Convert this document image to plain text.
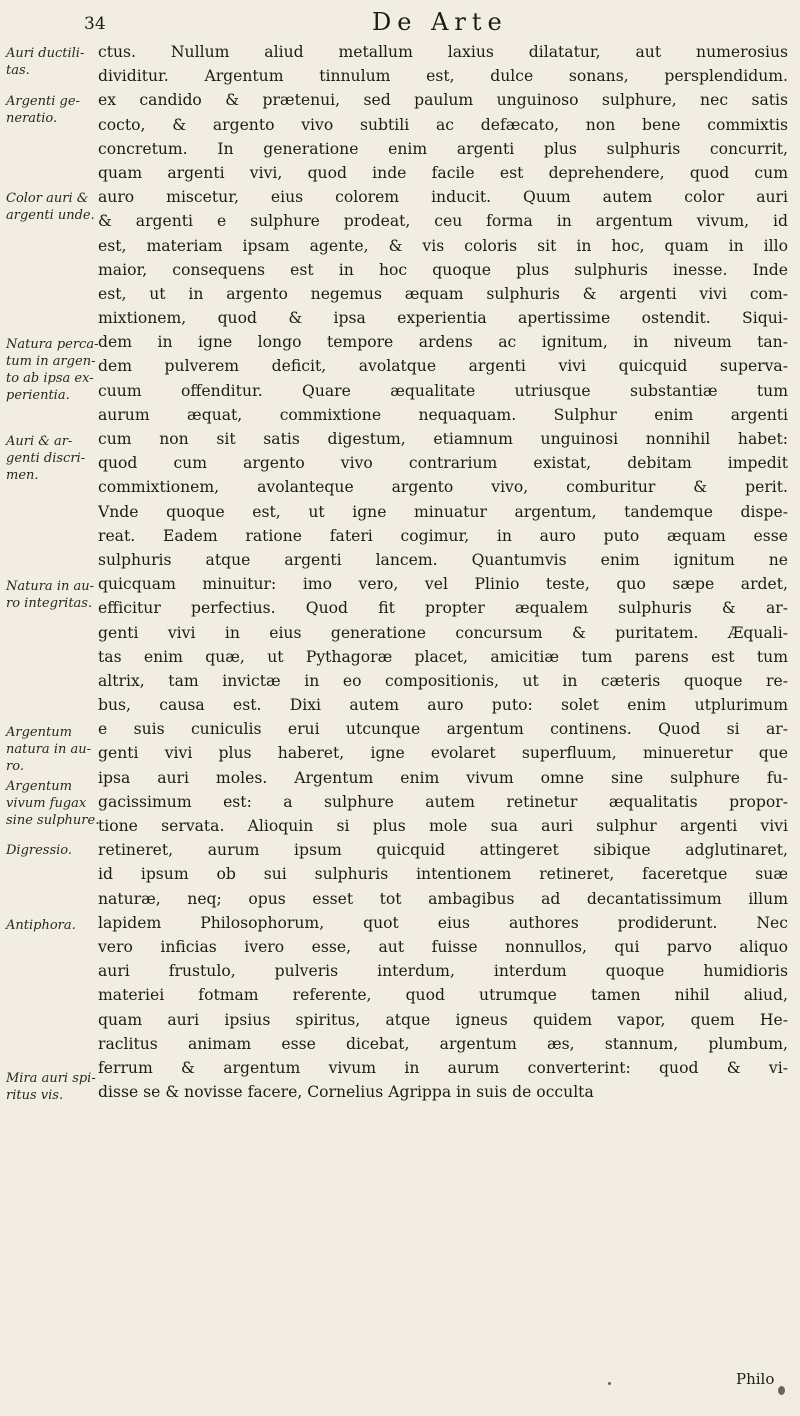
34	De Arte
Auri ductili-
tas.
Argenti ge-
neratio.
Color auri &
argenti unde.
Natura perca-
tum in argen-
to ab ipsa ex-
perientia.
Auri & ar-
genti discri-
men.
Natura in au-
ro integritas.
Argentum
natura in au-
ro.
Argentum
vivum fugax
sine sulphure.
Digressio.
Antiphora.
Mira auri spi-
ritus vis.
ctus. Nullum aliud metallum laxius dilatatur, aut numerosius
dividitur. Argentum tinnulum est, dulce sonans, persplendidum.
ex candido & prætenui, sed paulum unguinoso sulphure, nec satis
cocto, & argento vivo subtili ac defæcato, non bene commixtis
concretum. In generatione enim argenti plus sulphuris concurrit,
quam argenti vivi, quod inde facile est deprehendere, quod cum
auro miscetur, eius colorem inducit. Quum autem color auri
& argenti e sulphure prodeat, ceu forma in argentum vivum, id
est, materiam ipsam agente, & vis coloris sit in hoc, quam in illo
maior, consequens est in hoc quoque plus sulphuris inesse. Inde
est, ut in argento negemus æquam sulphuris & argenti vivi com-
mixtionem, quod & ipsa experientia apertissime ostendit. Siqui-
dem in igne longo tempore ardens ac ignitum, in niveum tan-
dem pulverem deficit, avolatque argenti vivi quicquid superva-
cuum offenditur. Quare æqualitate utriusque substantiæ tum
aurum æquat, commixtione nequaquam. Sulphur enim argenti
cum non sit satis digestum, etiamnum unguinosi nonnihil habet:
quod cum argento vivo contrarium existat, debitam impedit
commixtionem, avolanteque argento vivo, comburitur & perit.
Vnde quoque est, ut igne minuatur argentum, tandemque dispe-
reat. Eadem ratione fateri cogimur, in auro puto æquam esse
sulphuris atque argenti lancem. Quantumvis enim ignitum ne
quicquam minuitur: imo vero, vel Plinio teste, quo sæpe ardet,
efficitur perfectius. Quod fit propter æqualem sulphuris & ar-
genti vivi in eius generatione concursum & puritatem. Æquali-
tas enim quæ, ut Pythagoræ placet, amicitiæ tum parens est tum
altrix, tam invictæ in eo compositionis, ut in cæteris quoque re-
bus, causa est. Dixi autem auro puto: solet enim utplurimum
e suis cuniculis erui utcunque argentum continens. Quod si ar-
genti vivi plus haberet, igne evolaret superfluum, minueretur que
ipsa auri moles. Argentum enim vivum omne sine sulphure fu-
gacissimum est: a sulphure autem retinetur æqualitatis propor-
tione servata. Alioquin si plus mole sua auri sulphur argenti vivi
retineret, aurum ipsum quicquid attingeret sibique adglutinaret,
id ipsum ob sui sulphuris intentionem retineret, faceretque suæ
naturæ, neq; opus esset tot ambagibus ad decantatissimum illum
lapidem Philosophorum, quot eius authores prodiderunt. Nec
vero inficias ivero esse, aut fuisse nonnullos, qui parvo aliquo
auri frustulo, pulveris interdum, interdum quoque humidioris
materiei fotmam referente, quod utrumque tamen nihil aliud,
quam auri ipsius spiritus, atque igneus quidem vapor, quem He-
raclitus animam esse dicebat, argentum æs, stannum, plumbum,
ferrum & argentum vivum in aurum converterint: quod & vi-
disse se & novisse facere, Cornelius Agrippa in suis de occulta
Philo
